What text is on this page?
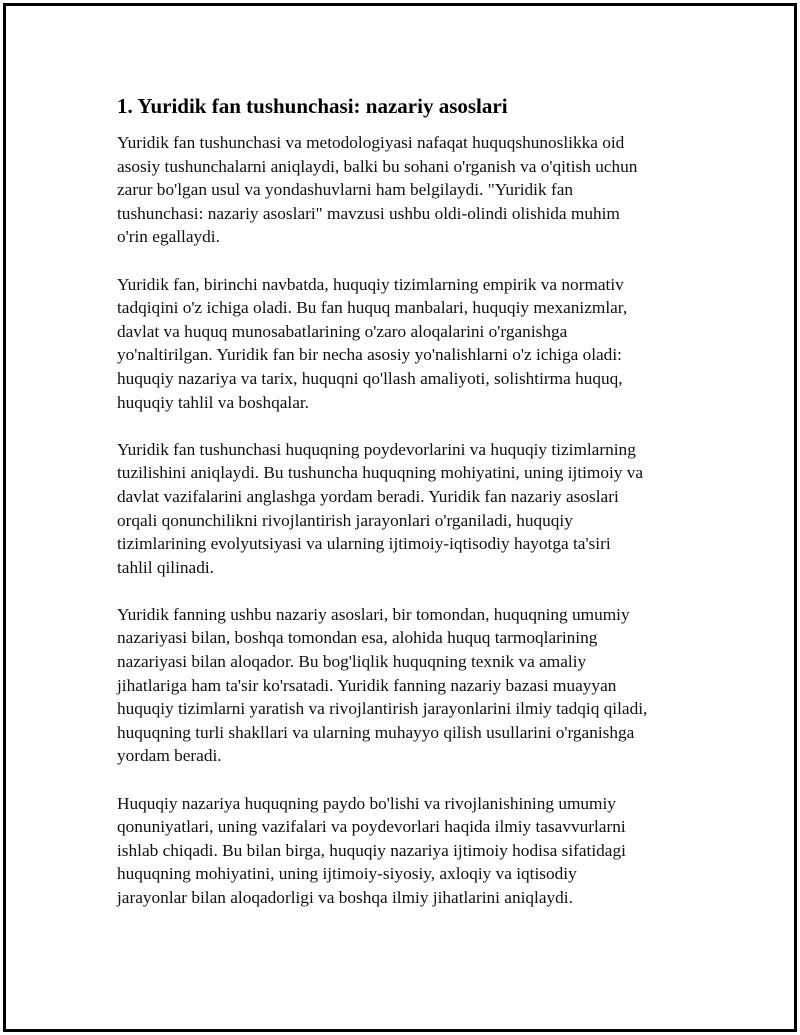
1. Yuridik fan tushunchasi: nazariy asoslari
Yuridik fan tushunchasi va metodologiyasi nafaqat huquqshunoslikka oid
asosiy tushunchalarni aniqlaydi, balki bu sohani o'rganish va o'qitish uchun
zarur bo'lgan usul va yondashuvlarni ham belgilaydi. "Yuridik fan
tushunchasi: nazariy asoslari" mavzusi ushbu oldi-olindi olishida muhim
o'rin egallaydi.
Yuridik fan, birinchi navbatda, huquqiy tizimlarning empirik va normativ
tadqiqini o'z ichiga oladi. Bu fan huquq manbalari, huquqiy mexanizmlar,
davlat va huquq munosabatlarining o'zaro aloqalarini o'rganishga
yo'naltirilgan. Yuridik fan bir necha asosiy yo'nalishlarni o'z ichiga oladi:
huquqiy nazariya va tarix, huquqni qo'llash amaliyoti, solishtirma huquq,
huquqiy tahlil va boshqalar.
Yuridik fan tushunchasi huquqning poydevorlarini va huquqiy tizimlarning
tuzilishini aniqlaydi. Bu tushuncha huquqning mohiyatini, uning ijtimoiy va
davlat vazifalarini anglashga yordam beradi. Yuridik fan nazariy asoslari
orqali qonunchilikni rivojlantirish jarayonlari o'rganiladi, huquqiy
tizimlarining evolyutsiyasi va ularning ijtimoiy-iqtisodiy hayotga ta'siri
tahlil qilinadi.
Yuridik fanning ushbu nazariy asoslari, bir tomondan, huquqning umumiy
nazariyasi bilan, boshqa tomondan esa, alohida huquq tarmoqlarining
nazariyasi bilan aloqador. Bu bog'liqlik huquqning texnik va amaliy
jihatlariga ham ta'sir ko'rsatadi. Yuridik fanning nazariy bazasi muayyan
huquqiy tizimlarni yaratish va rivojlantirish jarayonlarini ilmiy tadqiq qiladi,
huquqning turli shakllari va ularning muhayyo qilish usullarini o'rganishga
yordam beradi.
Huquqiy nazariya huquqning paydo bo'lishi va rivojlanishining umumiy
qonuniyatlari, uning vazifalari va poydevorlari haqida ilmiy tasavvurlarni
ishlab chiqadi. Bu bilan birga, huquqiy nazariya ijtimoiy hodisa sifatidagi
huquqning mohiyatini, uning ijtimoiy-siyosiy, axloqiy va iqtisodiy
jarayonlar bilan aloqadorligi va boshqa ilmiy jihatlarini aniqlaydi.
